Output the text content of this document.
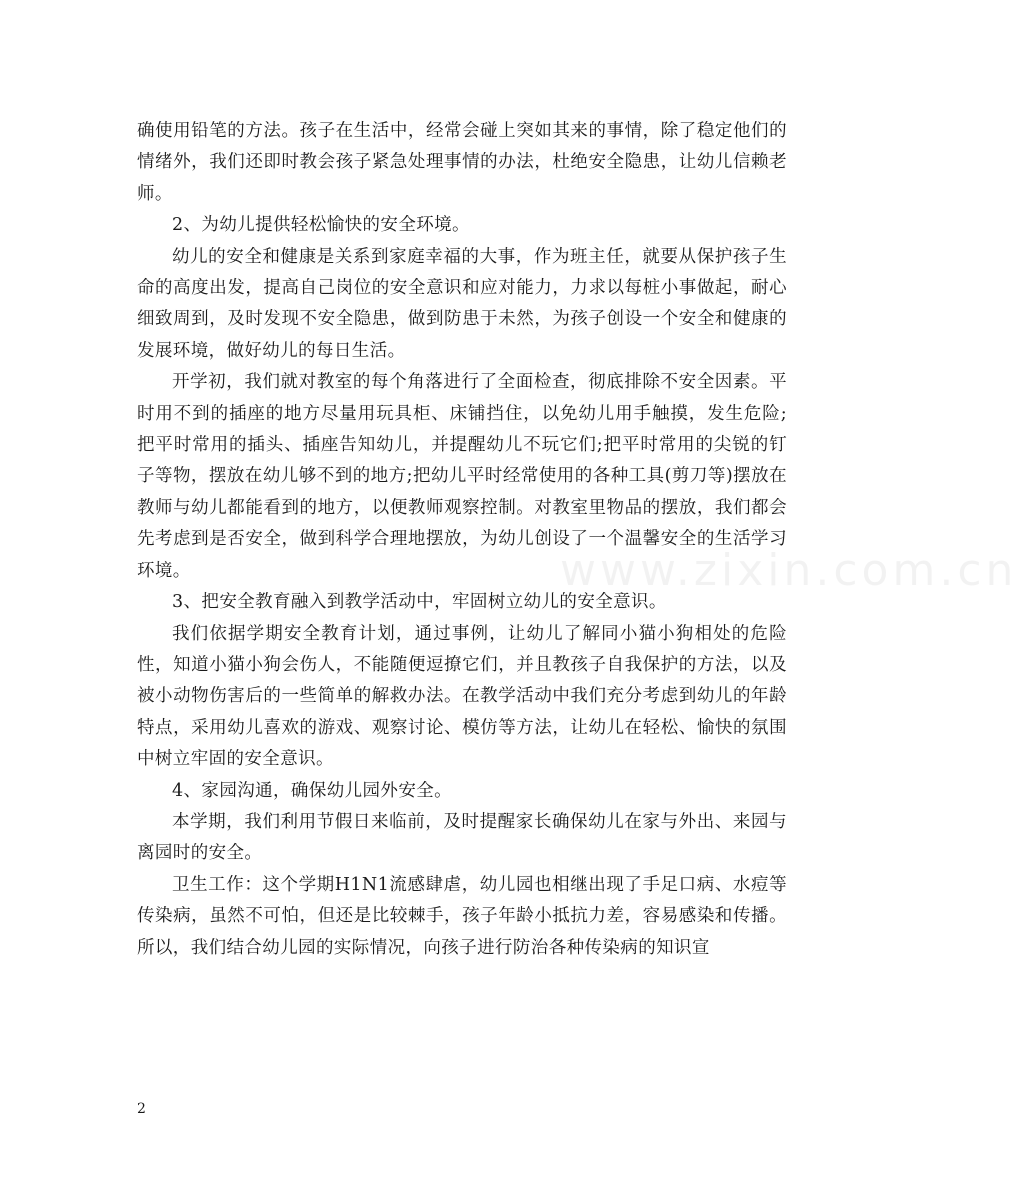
www.zixin.com.cn

确使用铅笔的方法。孩子在生活中，经常会碰上突如其来的事情，除了稳定他们的情绪外，我们还即时教会孩子紧急处理事情的办法，杜绝安全隐患，让幼儿信赖老师。

2、为幼儿提供轻松愉快的安全环境。

幼儿的安全和健康是关系到家庭幸福的大事，作为班主任，就要从保护孩子生命的高度出发，提高自己岗位的安全意识和应对能力，力求以每桩小事做起，耐心细致周到，及时发现不安全隐患，做到防患于未然，为孩子创设一个安全和健康的发展环境，做好幼儿的每日生活。

开学初，我们就对教室的每个角落进行了全面检查，彻底排除不安全因素。平时用不到的插座的地方尽量用玩具柜、床铺挡住，以免幼儿用手触摸，发生危险;把平时常用的插头、插座告知幼儿，并提醒幼儿不玩它们;把平时常用的尖锐的钉子等物，摆放在幼儿够不到的地方;把幼儿平时经常使用的各种工具(剪刀等)摆放在教师与幼儿都能看到的地方，以便教师观察控制。对教室里物品的摆放，我们都会先考虑到是否安全，做到科学合理地摆放，为幼儿创设了一个温馨安全的生活学习环境。

3、把安全教育融入到教学活动中，牢固树立幼儿的安全意识。

我们依据学期安全教育计划，通过事例，让幼儿了解同小猫小狗相处的危险性，知道小猫小狗会伤人，不能随便逗撩它们，并且教孩子自我保护的方法，以及被小动物伤害后的一些简单的解救办法。在教学活动中我们充分考虑到幼儿的年龄特点，采用幼儿喜欢的游戏、观察讨论、模仿等方法，让幼儿在轻松、愉快的氛围中树立牢固的安全意识。

4、家园沟通，确保幼儿园外安全。

本学期，我们利用节假日来临前，及时提醒家长确保幼儿在家与外出、来园与离园时的安全。

卫生工作：这个学期H1N1流感肆虐，幼儿园也相继出现了手足口病、水痘等传染病，虽然不可怕，但还是比较棘手，孩子年龄小抵抗力差，容易感染和传播。所以，我们结合幼儿园的实际情况，向孩子进行防治各种传染病的知识宣

2
